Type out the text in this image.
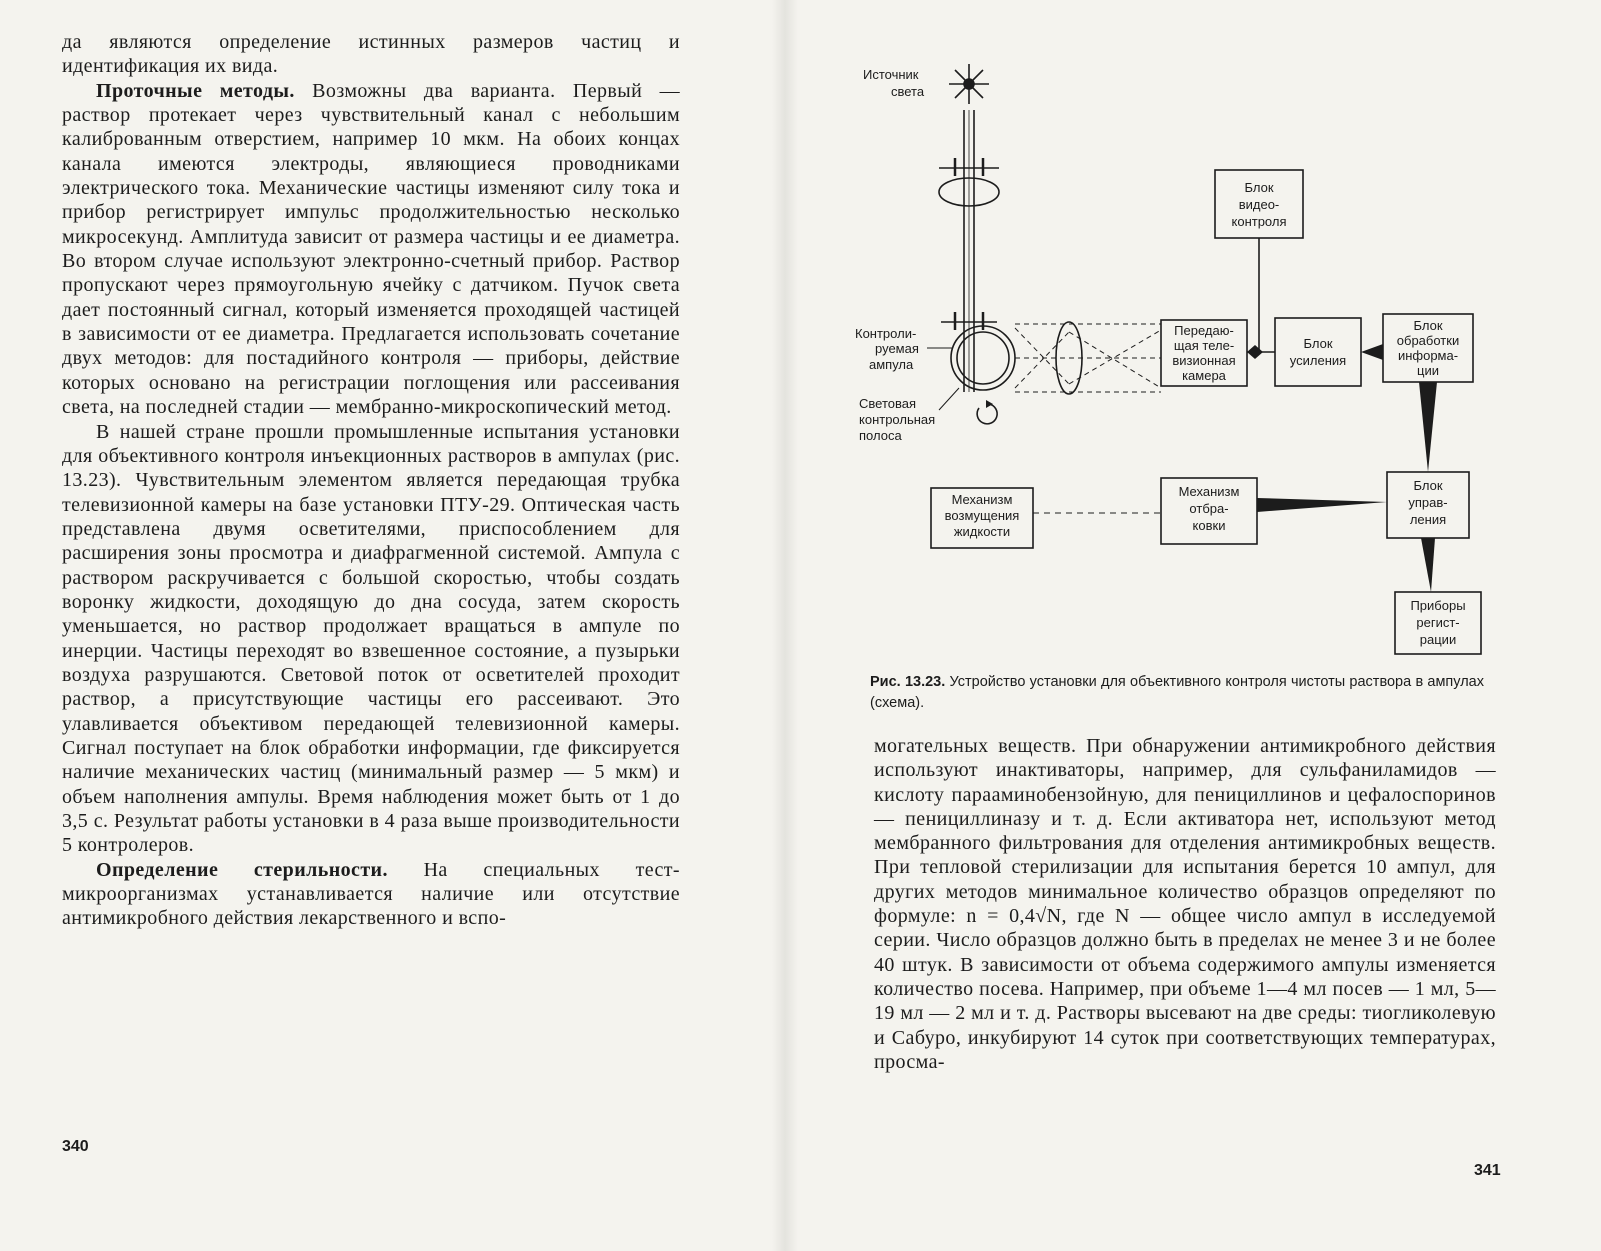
да являются определение истинных размеров частиц и идентификация их вида.

Проточные методы. Возможны два варианта. Первый — раствор протекает через чувствительный канал с небольшим калиброванным отверстием, например 10 мкм. На обоих концах канала имеются электроды, являющиеся проводниками электрического тока. Механические частицы изменяют силу тока и прибор регистрирует импульс продолжительностью несколько микросекунд. Амплитуда зависит от размера частицы и ее диаметра. Во втором случае используют электронно-счетный прибор. Раствор пропускают через прямоугольную ячейку с датчиком. Пучок света дает постоянный сигнал, который изменяется проходящей частицей в зависимости от ее диаметра. Предлагается использовать сочетание двух методов: для постадийного контроля — приборы, действие которых основано на регистрации поглощения или рассеивания света, на последней стадии — мембранно-микроскопический метод.

В нашей стране прошли промышленные испытания установки для объективного контроля инъекционных растворов в ампулах (рис. 13.23). Чувствительным элементом является передающая трубка телевизионной камеры на базе установки ПТУ-29. Оптическая часть представлена двумя осветителями, приспособлением для расширения зоны просмотра и диафрагменной системой. Ампула с раствором раскручивается с большой скоростью, чтобы создать воронку жидкости, доходящую до дна сосуда, затем скорость уменьшается, но раствор продолжает вращаться в ампуле по инерции. Частицы переходят во взвешенное состояние, а пузырьки воздуха разрушаются. Световой поток от осветителей проходит раствор, а присутствующие частицы его рассеивают. Это улавливается объективом передающей телевизионной камеры. Сигнал поступает на блок обработки информации, где фиксируется наличие механических частиц (минимальный размер — 5 мкм) и объем наполнения ампулы. Время наблюдения может быть от 1 до 3,5 с. Результат работы установки в 4 раза выше производительности 5 контролеров.

Определение стерильности. На специальных тест-микроорганизмах устанавливается наличие или отсутствие антимикробного действия лекарственного и вспо-

340
Источник
света
Контроли-
руемая
ампула
Световая
контрольная
полоса
Передаю-
щая теле-
визионная
камера
Блок
видео-
контроля
Блок
усиления
Блок
обработки
информа-
ции
Блок
управ-
ления
Механизм
отбра-
ковки
Механизм
возмущения
жидкости
Приборы
регист-
рации
Рис. 13.23. Устройство установки для объективного контроля чистоты раствора в ампулах (схема).

могательных веществ. При обнаружении антимикробного действия используют инактиваторы, например, для сульфаниламидов — кислоту парааминобензойную, для пенициллинов и цефалоспоринов — пенициллиназу и т. д. Если активатора нет, используют метод мембранного фильтрования для отделения антимикробных веществ. При тепловой стерилизации для испытания берется 10 ампул, для других методов минимальное количество образцов определяют по формуле: n = 0,4√N, где N — общее число ампул в исследуемой серии. Число образцов должно быть в пределах не менее 3 и не более 40 штук. В зависимости от объема содержимого ампулы изменяется количество посева. Например, при объеме 1—4 мл посев — 1 мл, 5—19 мл — 2 мл и т. д. Растворы высевают на две среды: тиогликолевую и Сабуро, инкубируют 14 суток при соответствующих температурах, просма-

341
